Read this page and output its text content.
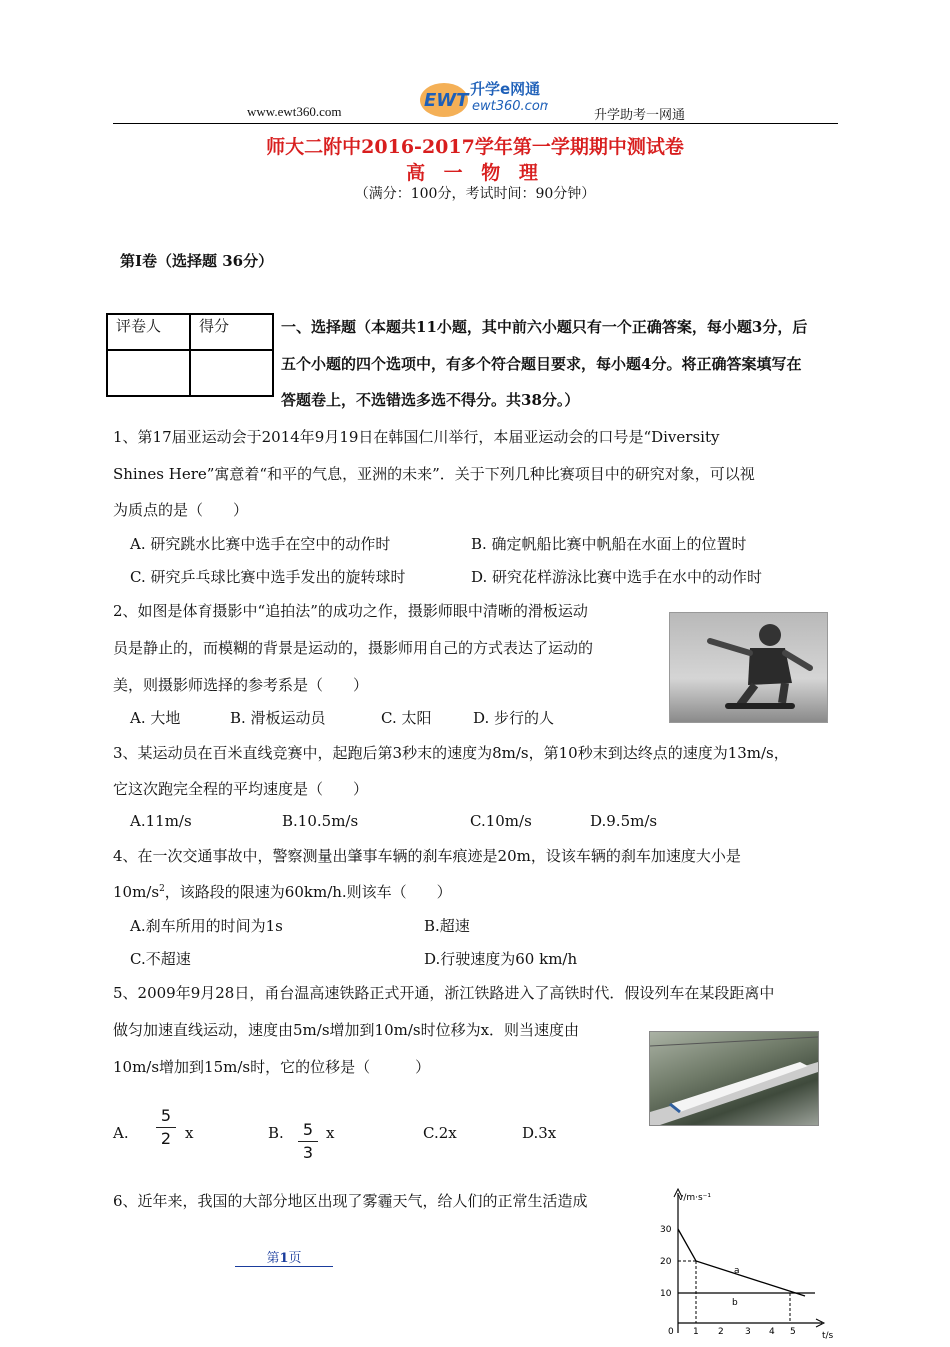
EWT
升学e网通
ewt360.com
www.ewt360.com	升学助考一网通
师大二附中2016-2017学年第一学期期中测试卷
高 一 物 理
（满分：100分，考试时间：90分钟）
第Ⅰ卷（选择题 36分）
评卷人	得分
		一、选择题（本题共11小题，其中前六小题只有一个正确答案，每小题3分，后
五个小题的四个选项中，有多个符合题目要求，每小题4分。将正确答案填写在
答题卷上，不选错选多选不得分。共38分。）
1、第17届亚运动会于2014年9月19日在韩国仁川举行，本届亚运动会的口号是“Diversity
Shines Here”寓意着“和平的气息，亚洲的未来”．关于下列几种比赛项目中的研究对象，可以视
为质点的是（　　）
A. 研究跳水比赛中选手在空中的动作时	B. 确定帆船比赛中帆船在水面上的位置时
C. 研究乒乓球比赛中选手发出的旋转球时	D. 研究花样游泳比赛中选手在水中的动作时
2、如图是体育摄影中“追拍法”的成功之作，摄影师眼中清晰的滑板运动
员是静止的，而模糊的背景是运动的，摄影师用自己的方式表达了运动的
美，则摄影师选择的参考系是（　　）
A. 大地	B. 滑板运动员	C. 太阳	D. 步行的人
3、某运动员在百米直线竞赛中，起跑后第3秒末的速度为8m/s，第10秒末到达终点的速度为13m/s，
它这次跑完全程的平均速度是（　　）
A.11m/s	B.10.5m/s	C.10m/s	D.9.5m/s
4、在一次交通事故中，警察测量出肇事车辆的刹车痕迹是20m，设该车辆的刹车加速度大小是
$10m/s^2$，该路段的限速为60km/h.则该车（　　）
A.刹车所用的时间为1s	B.超速
C.不超速	D.行驶速度为60 km/h
5、2009年9月28日，甬台温高速铁路正式开通，浙江铁路进入了高铁时代．假设列车在某段距离中
做匀加速直线运动，速度由5m/s增加到10m/s时位移为x．则当速度由
10m/s增加到15m/s时，它的位移是（　　　）
A.
5
2 x	B.	5
3
x	C.2x	D.3x
6、近年来，我国的大部分地区出现了雾霾天气，给人们的正常生活造成	v/m·s⁻¹
t/s
30
20
10
0 1 2 3 4 5
a
b
第1页
